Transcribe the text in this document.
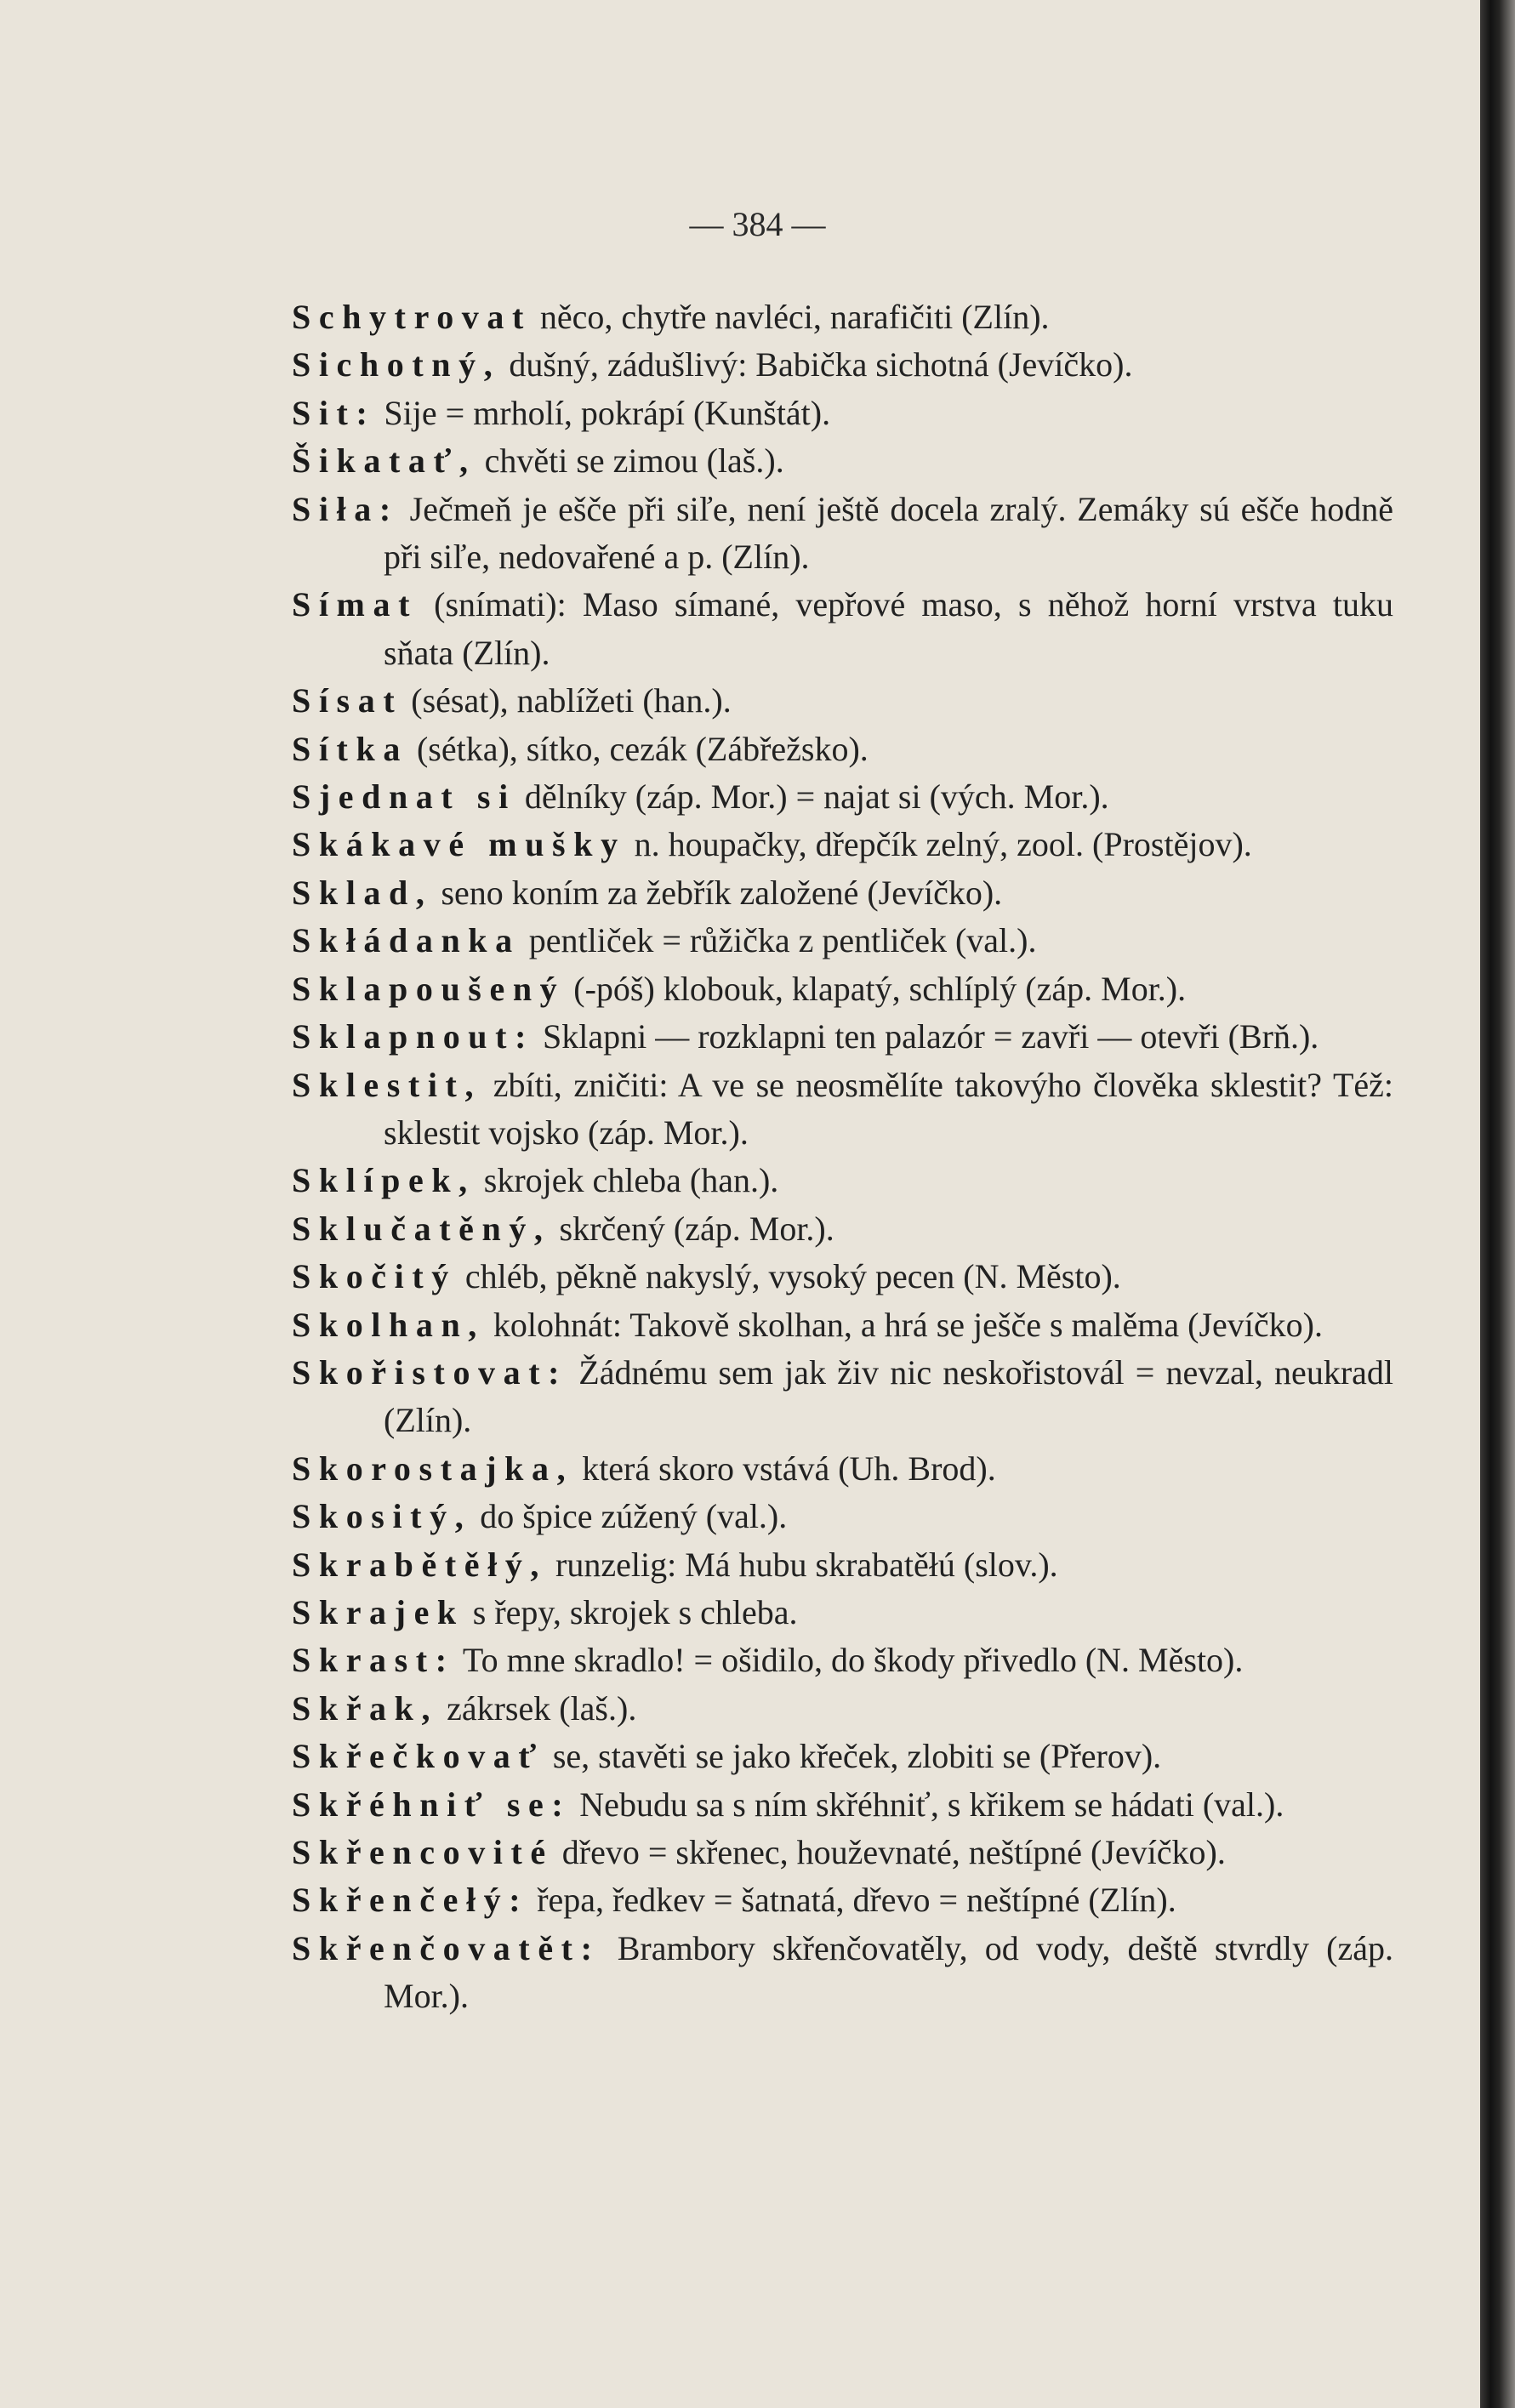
— 384 —
Schytrovat něco, chytře navléci, narafičiti (Zlín).
Sichotný, dušný, zádušlivý: Babička sichotná (Jevíčko).
Sit: Sije = mrholí, pokrápí (Kunštát).
Šikatať, chvěti se zimou (laš.).
Siła: Ječmeň je ešče při siľe, není ještě docela zralý. Zemáky sú ešče hodně při siľe, nedovařené a p. (Zlín).
Símat (snímati): Maso símané, vepřové maso, s něhož horní vrstva tuku sňata (Zlín).
Sísat (sésat), nablížeti (han.).
Sítka (sétka), sítko, cezák (Zábřežsko).
Sjednat si dělníky (záp. Mor.) = najat si (vých. Mor.).
Skákavé mušky n. houpačky, dřepčík zelný, zool. (Prostějov).
Sklad, seno koním za žebřík založené (Jevíčko).
Skłádanka pentliček = růžička z pentliček (val.).
Sklapoušený (-póš) klobouk, klapatý, schlíplý (záp. Mor.).
Sklapnout: Sklapni — rozklapni ten palazór = zavři — otevři (Brň.).
Sklestit, zbíti, zničiti: A ve se neosmělíte takovýho člověka sklestit? Též: sklestit vojsko (záp. Mor.).
Sklípek, skrojek chleba (han.).
Sklučatěný, skrčený (záp. Mor.).
Skočitý chléb, pěkně nakyslý, vysoký pecen (N. Město).
Skolhan, kolohnát: Takově skolhan, a hrá se ješče s malěma (Jevíčko).
Skořistovat: Žádnému sem jak živ nic neskořistovál = nevzal, neukradl (Zlín).
Skorostajka, která skoro vstává (Uh. Brod).
Skositý, do špice zúžený (val.).
Skrabětěłý, runzelig: Má hubu skrabatěłú (slov.).
Skrajek s řepy, skrojek s chleba.
Skrast: To mne skradlo! = ošidilo, do škody přivedlo (N. Město).
Skřak, zákrsek (laš.).
Skřečkovať se, stavěti se jako křeček, zlobiti se (Přerov).
Skřéhniť se: Nebudu sa s ním skřéhniť, s křikem se hádati (val.).
Skřencovité dřevo = skřenec, houževnaté, neštípné (Jevíčko).
Skřenčełý: řepa, ředkev = šatnatá, dřevo = neštípné (Zlín).
Skřenčovatět: Brambory skřenčovatěly, od vody, deště stvrdly (záp. Mor.).
